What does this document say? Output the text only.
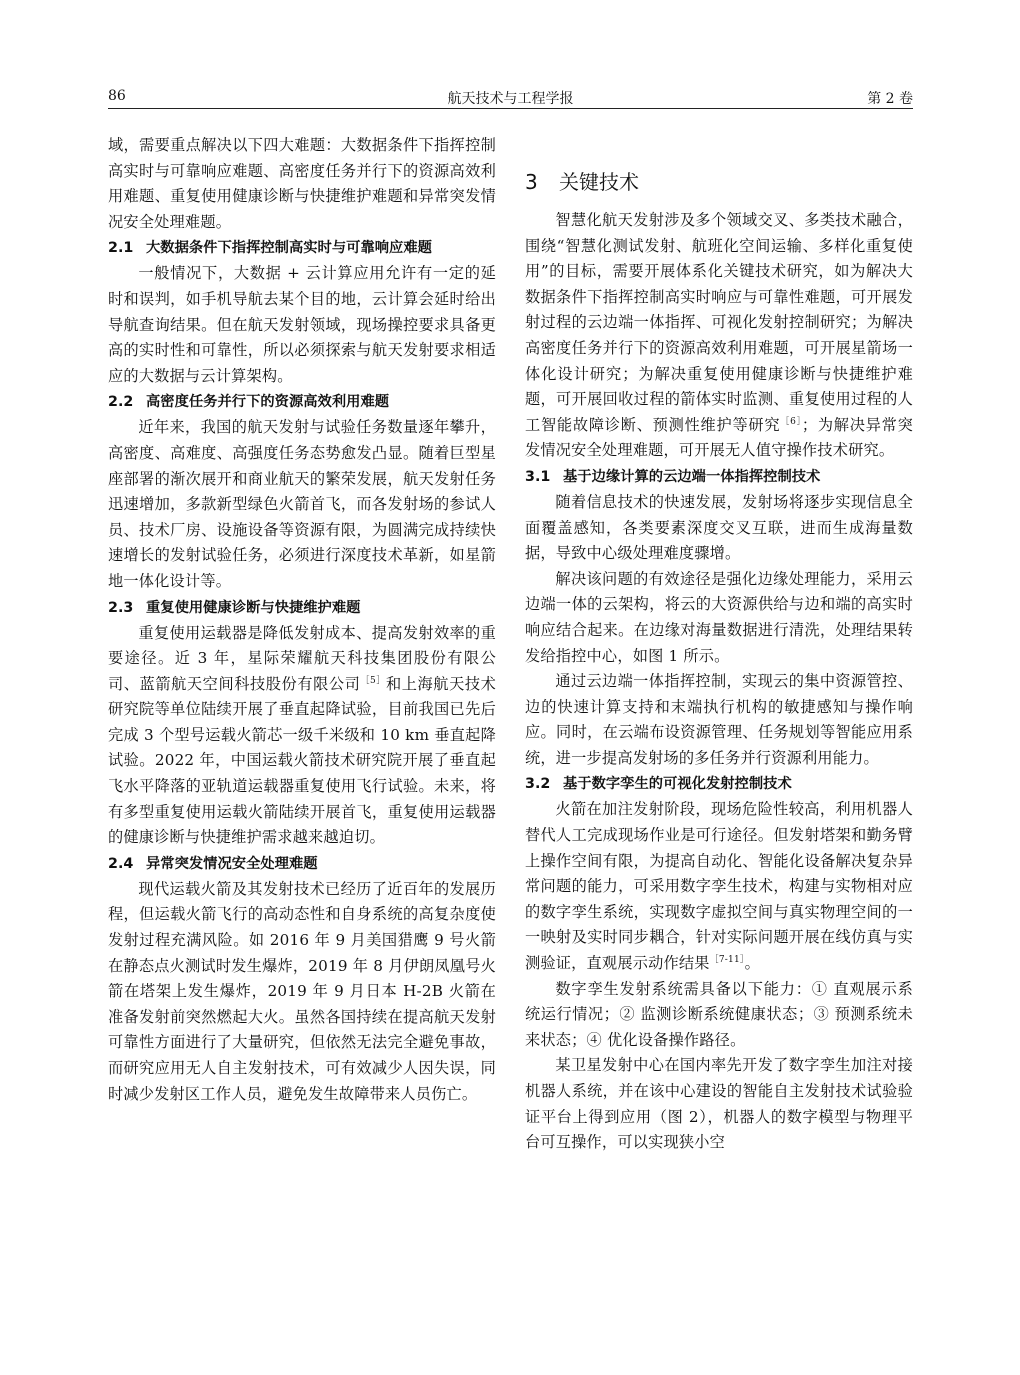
86	航天技术与工程学报	第 2 卷

域，需要重点解决以下四大难题：大数据条件下指挥控制高实时与可靠响应难题、高密度任务并行下的资源高效利用难题、重复使用健康诊断与快捷维护难题和异常突发情况安全处理难题。

2.1 大数据条件下指挥控制高实时与可靠响应难题

一般情况下，大数据 + 云计算应用允许有一定的延时和误判，如手机导航去某个目的地，云计算会延时给出导航查询结果。但在航天发射领域，现场操控要求具备更高的实时性和可靠性，所以必须探索与航天发射要求相适应的大数据与云计算架构。

2.2 高密度任务并行下的资源高效利用难题

近年来，我国的航天发射与试验任务数量逐年攀升，高密度、高难度、高强度任务态势愈发凸显。随着巨型星座部署的渐次展开和商业航天的繁荣发展，航天发射任务迅速增加，多款新型绿色火箭首飞，而各发射场的参试人员、技术厂房、设施设备等资源有限，为圆满完成持续快速增长的发射试验任务，必须进行深度技术革新，如星箭地一体化设计等。

2.3 重复使用健康诊断与快捷维护难题

重复使用运载器是降低发射成本、提高发射效率的重要途径。近 3 年，星际荣耀航天科技集团股份有限公司、蓝箭航天空间科技股份有限公司$^{[5]}$和上海航天技术研究院等单位陆续开展了垂直起降试验，目前我国已先后完成 3 个型号运载火箭芯一级千米级和 10 km 垂直起降试验。2022 年，中国运载火箭技术研究院开展了垂直起飞水平降落的亚轨道运载器重复使用飞行试验。未来，将有多型重复使用运载火箭陆续开展首飞，重复使用运载器的健康诊断与快捷维护需求越来越迫切。

2.4 异常突发情况安全处理难题

现代运载火箭及其发射技术已经历了近百年的发展历程，但运载火箭飞行的高动态性和自身系统的高复杂度使发射过程充满风险。如 2016 年 9 月美国猎鹰 9 号火箭在静态点火测试时发生爆炸，2019 年 8 月伊朗凤凰号火箭在塔架上发生爆炸，2019 年 9 月日本 H-2B 火箭在准备发射前突然燃起大火。虽然各国持续在提高航天发射可靠性方面进行了大量研究，但依然无法完全避免事故，而研究应用无人自主发射技术，可有效减少人因失误，同时减少发射区工作人员，避免发生故障带来人员伤亡。

3 关键技术

智慧化航天发射涉及多个领域交叉、多类技术融合，围绕“智慧化测试发射、航班化空间运输、多样化重复使用”的目标，需要开展体系化关键技术研究，如为解决大数据条件下指挥控制高实时响应与可靠性难题，可开展发射过程的云边端一体指挥、可视化发射控制研究；为解决高密度任务并行下的资源高效利用难题，可开展星箭场一体化设计研究；为解决重复使用健康诊断与快捷维护难题，可开展回收过程的箭体实时监测、重复使用过程的人工智能故障诊断、预测性维护等研究$^{[6]}$；为解决异常突发情况安全处理难题，可开展无人值守操作技术研究。

3.1 基于边缘计算的云边端一体指挥控制技术

随着信息技术的快速发展，发射场将逐步实现信息全面覆盖感知，各类要素深度交叉互联，进而生成海量数据，导致中心级处理难度骤增。

解决该问题的有效途径是强化边缘处理能力，采用云边端一体的云架构，将云的大资源供给与边和端的高实时响应结合起来。在边缘对海量数据进行清洗，处理结果转发给指控中心，如图 1 所示。

通过云边端一体指挥控制，实现云的集中资源管控、边的快速计算支持和末端执行机构的敏捷感知与操作响应。同时，在云端布设资源管理、任务规划等智能应用系统，进一步提高发射场的多任务并行资源利用能力。

3.2 基于数字孪生的可视化发射控制技术

火箭在加注发射阶段，现场危险性较高，利用机器人替代人工完成现场作业是可行途径。但发射塔架和勤务臂上操作空间有限，为提高自动化、智能化设备解决复杂异常问题的能力，可采用数字孪生技术，构建与实物相对应的数字孪生系统，实现数字虚拟空间与真实物理空间的一一映射及实时同步耦合，针对实际问题开展在线仿真与实测验证，直观展示动作结果$^{[7-11]}$。

数字孪生发射系统需具备以下能力：① 直观展示系统运行情况；② 监测诊断系统健康状态；③ 预测系统未来状态；④ 优化设备操作路径。

某卫星发射中心在国内率先开发了数字孪生加注对接机器人系统，并在该中心建设的智能自主发射技术试验验证平台上得到应用（图 2），机器人的数字模型与物理平台可互操作，可以实现狭小空
